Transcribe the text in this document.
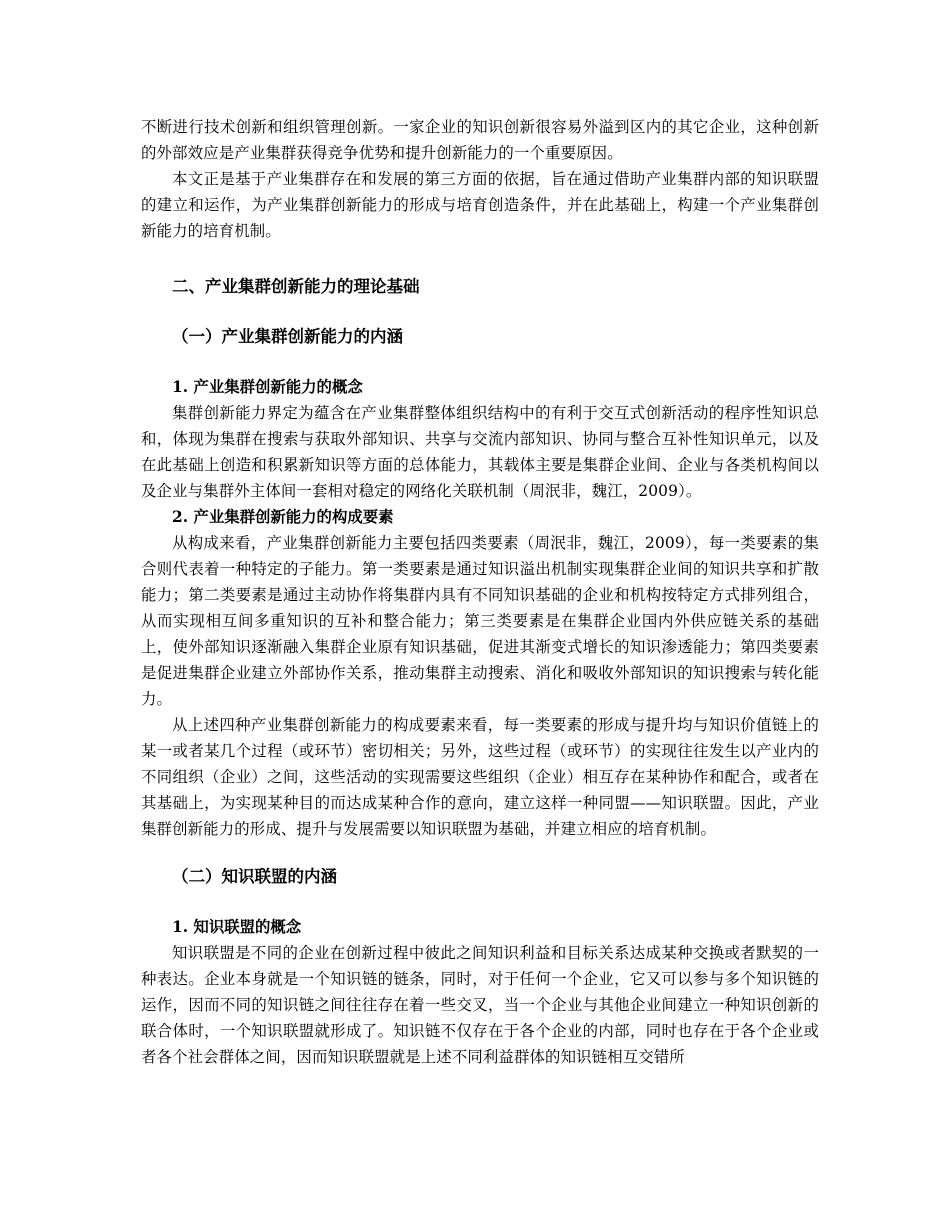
不断进行技术创新和组织管理创新。一家企业的知识创新很容易外溢到区内的其它企业，这种创新的外部效应是产业集群获得竞争优势和提升创新能力的一个重要原因。

本文正是基于产业集群存在和发展的第三方面的依据，旨在通过借助产业集群内部的知识联盟的建立和运作，为产业集群创新能力的形成与培育创造条件，并在此基础上，构建一个产业集群创新能力的培育机制。

二、产业集群创新能力的理论基础
（一）产业集群创新能力的内涵
1. 产业集群创新能力的概念

集群创新能力界定为蕴含在产业集群整体组织结构中的有利于交互式创新活动的程序性知识总和，体现为集群在搜索与获取外部知识、共享与交流内部知识、协同与整合互补性知识单元，以及在此基础上创造和积累新知识等方面的总体能力，其载体主要是集群企业间、企业与各类机构间以及企业与集群外主体间一套相对稳定的网络化关联机制（周泯非，魏江，2009）。

2. 产业集群创新能力的构成要素

从构成来看，产业集群创新能力主要包括四类要素（周泯非，魏江，2009），每一类要素的集合则代表着一种特定的子能力。第一类要素是通过知识溢出机制实现集群企业间的知识共享和扩散能力；第二类要素是通过主动协作将集群内具有不同知识基础的企业和机构按特定方式排列组合，从而实现相互间多重知识的互补和整合能力；第三类要素是在集群企业国内外供应链关系的基础上，使外部知识逐渐融入集群企业原有知识基础，促进其渐变式增长的知识渗透能力；第四类要素是促进集群企业建立外部协作关系，推动集群主动搜索、消化和吸收外部知识的知识搜索与转化能力。

从上述四种产业集群创新能力的构成要素来看，每一类要素的形成与提升均与知识价值链上的某一或者某几个过程（或环节）密切相关；另外，这些过程（或环节）的实现往往发生以产业内的不同组织（企业）之间，这些活动的实现需要这些组织（企业）相互存在某种协作和配合，或者在其基础上，为实现某种目的而达成某种合作的意向，建立这样一种同盟——知识联盟。因此，产业集群创新能力的形成、提升与发展需要以知识联盟为基础，并建立相应的培育机制。

（二）知识联盟的内涵
1. 知识联盟的概念

知识联盟是不同的企业在创新过程中彼此之间知识利益和目标关系达成某种交换或者默契的一种表达。企业本身就是一个知识链的链条，同时，对于任何一个企业，它又可以参与多个知识链的运作，因而不同的知识链之间往往存在着一些交叉，当一个企业与其他企业间建立一种知识创新的联合体时，一个知识联盟就形成了。知识链不仅存在于各个企业的内部，同时也存在于各个企业或者各个社会群体之间，因而知识联盟就是上述不同利益群体的知识链相互交错所
